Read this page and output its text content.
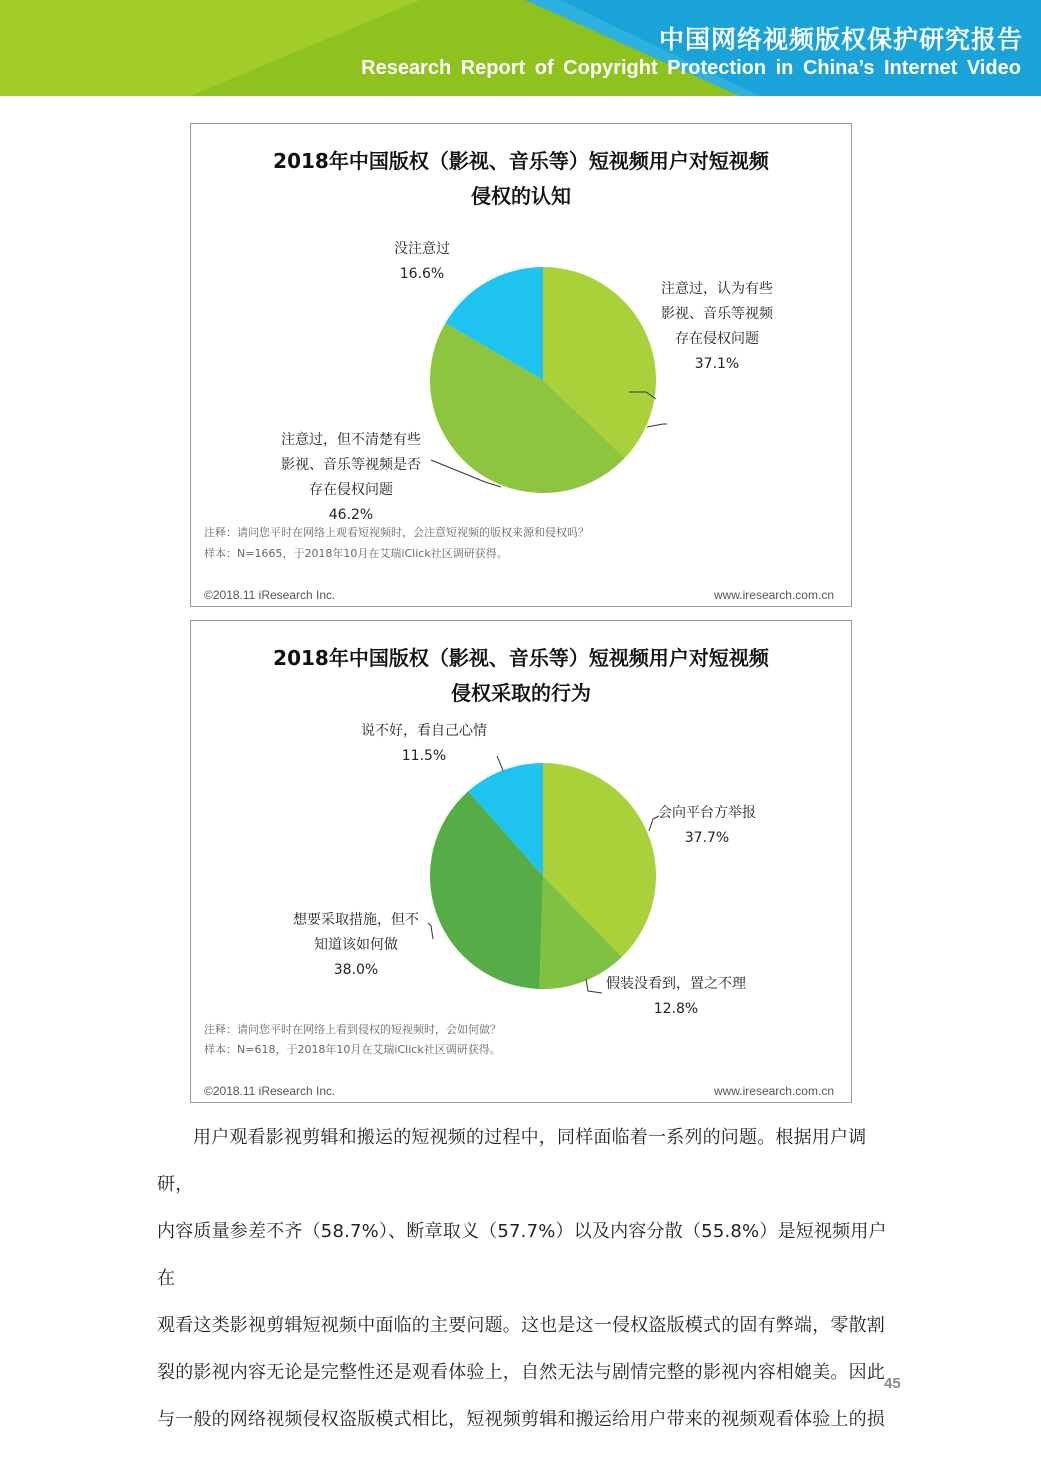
中国网络视频版权保护研究报告
Research Report of Copyright Protection in China’s Internet Video
2018年中国版权（影视、音乐等）短视频用户对短视频
侵权的认知
没注意过
16.6%
注意过，认为有些
影视、音乐等视频
存在侵权问题
37.1%
注意过，但不清楚有些
影视、音乐等视频是否
存在侵权问题
46.2%
注释：请问您平时在网络上观看短视频时，会注意短视频的版权来源和侵权吗？
样本：N=1665，于2018年10月在艾瑞iClick社区调研获得。
©2018.11 iResearch Inc.	www.iresearch.com.cn
2018年中国版权（影视、音乐等）短视频用户对短视频
侵权采取的行为
说不好，看自己心情
11.5%
会向平台方举报
37.7%
想要采取措施，但不
知道该如何做
38.0%
假装没看到，置之不理
12.8%
注释：请问您平时在网络上看到侵权的短视频时，会如何做？
样本：N=618，于2018年10月在艾瑞iClick社区调研获得。
©2018.11 iResearch Inc.	www.iresearch.com.cn

用户观看影视剪辑和搬运的短视频的过程中，同样面临着一系列的问题。根据用户调研，

内容质量参差不齐（58.7%）、断章取义（57.7%）以及内容分散（55.8%）是短视频用户在

观看这类影视剪辑短视频中面临的主要问题。这也是这一侵权盗版模式的固有弊端，零散割

裂的影视内容无论是完整性还是观看体验上，自然无法与剧情完整的影视内容相媲美。因此

与一般的网络视频侵权盗版模式相比，短视频剪辑和搬运给用户带来的视频观看体验上的损

45
